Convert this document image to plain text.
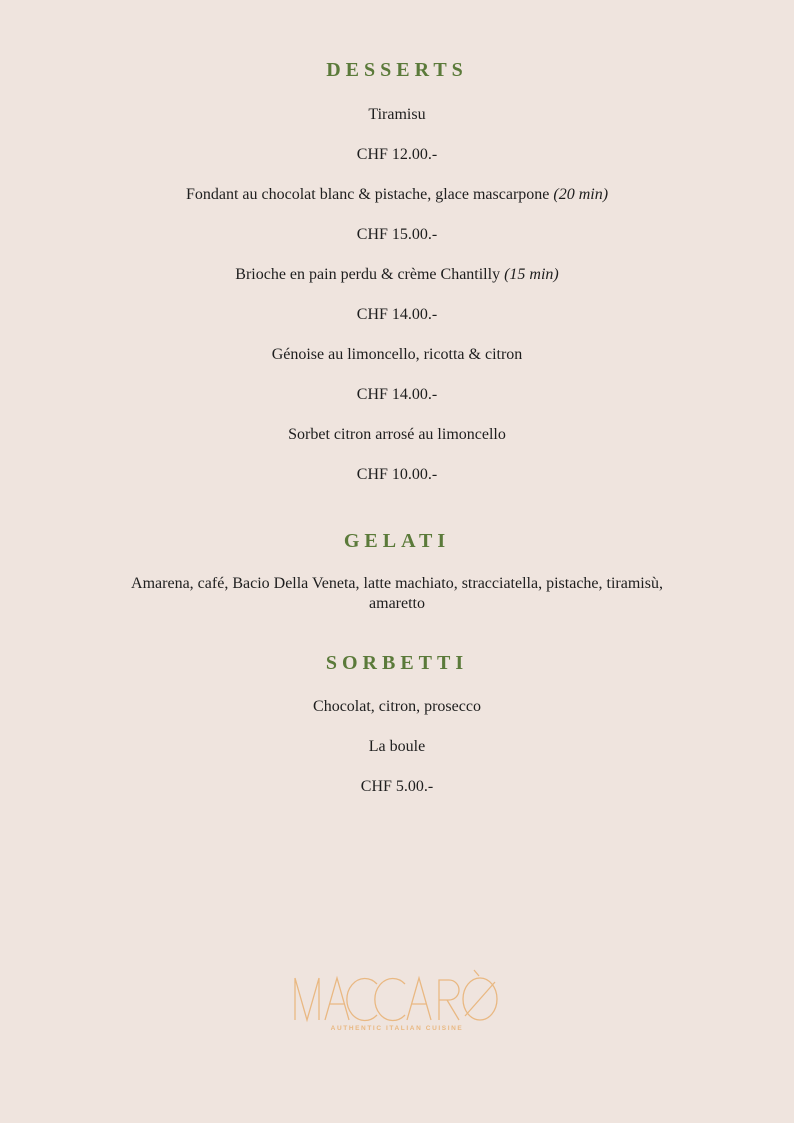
DESSERTS
Tiramisu
CHF 12.00.-
Fondant au chocolat blanc & pistache, glace mascarpone (20 min)
CHF 15.00.-
Brioche en pain perdu & crème Chantilly (15 min)
CHF 14.00.-
Génoise au limoncello, ricotta & citron
CHF 14.00.-
Sorbet citron arrosé au limoncello
CHF 10.00.-
GELATI
Amarena, café, Bacio Della Veneta, latte machiato, stracciatella, pistache, tiramisù, amaretto
SORBETTI
Chocolat, citron, prosecco
La boule
CHF 5.00.-
AUTHENTIC ITALIAN CUISINE
